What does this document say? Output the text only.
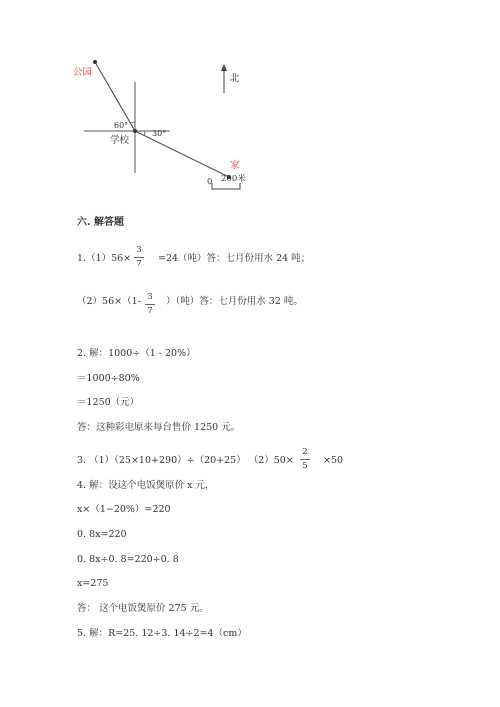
公园
北
60°
30°
学校
家
0 200米
六. 解答题
1.（1）56×
3
7 =24（吨）答：七月份用水 24 吨；
（2）56×（1- 3
7
）（吨）答：七月份用水 32 吨。
2. 解：1000÷（1 - 20%）
＝1000÷80%
＝1250（元）
答：这种彩电原来每台售价 1250 元。
3. （1）（25×10+290）÷（20+25） （2）50×
2
5 ×50
4. 解：设这个电饭煲原价 x 元，
x×（1−20%）=220
0. 8x=220
0. 8x÷0. 8=220÷0. 8
x=275
答： 这个电饭煲原价 275 元。
5. 解：R=25. 12÷3. 14÷2=4（cm）
